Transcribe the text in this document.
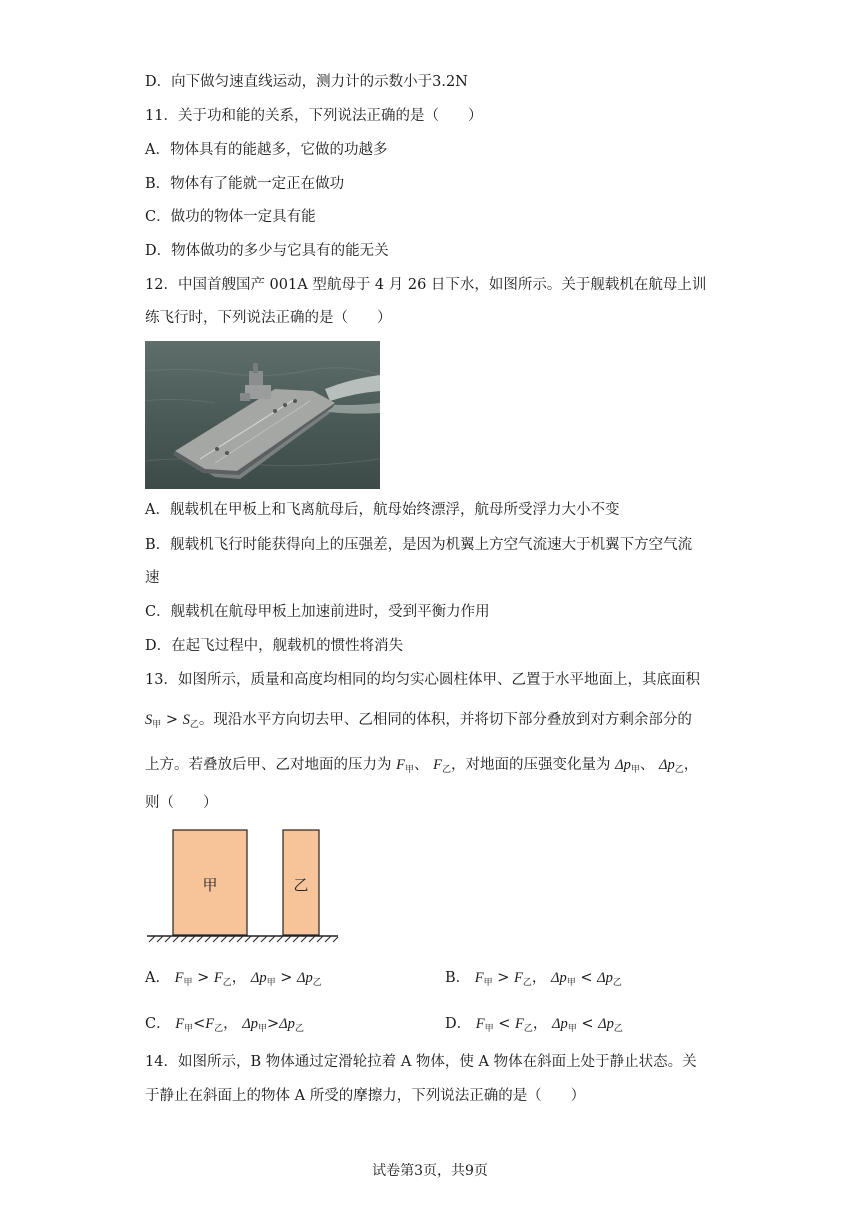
D．向下做匀速直线运动，测力计的示数小于3.2N
11．关于功和能的关系，下列说法正确的是（　　）
A．物体具有的能越多，它做的功越多
B．物体有了能就一定正在做功
C．做功的物体一定具有能
D．物体做功的多少与它具有的能无关
12．中国首艘国产 001A 型航母于 4 月 26 日下水，如图所示。关于舰载机在航母上训
练飞行时，下列说法正确的是（　　）
A．舰载机在甲板上和飞离航母后，航母始终漂浮，航母所受浮力大小不变
B．舰载机飞行时能获得向上的压强差，是因为机翼上方空气流速大于机翼下方空气流
速
C．舰载机在航母甲板上加速前进时，受到平衡力作用
D．在起飞过程中，舰载机的惯性将消失
13．如图所示，质量和高度均相同的均匀实心圆柱体甲、乙置于水平地面上，其底面积
$S_甲 > S_乙$。现沿水平方向切去甲、乙相同的体积，并将切下部分叠放到对方剩余部分的
上方。若叠放后甲、乙对地面的压力为 $F_甲$、 $F_乙$，对地面的压强变化量为 $\Delta p_甲$、 $\Delta p_乙$，
则（　　）
甲	乙
A． $F_甲 > F_乙$， $\Delta p_甲 > \Delta p_乙$	B． $F_甲 > F_乙$， $\Delta p_甲 < \Delta p_乙$
C． $F_甲<F_乙$， $\Delta p_甲>\Delta p_乙$	D． $F_甲 < F_乙$， $\Delta p_甲 < \Delta p_乙$
14．如图所示，B 物体通过定滑轮拉着 A 物体，使 A 物体在斜面上处于静止状态。关
于静止在斜面上的物体 A 所受的摩擦力，下列说法正确的是（　　）
试卷第3页，共9页
